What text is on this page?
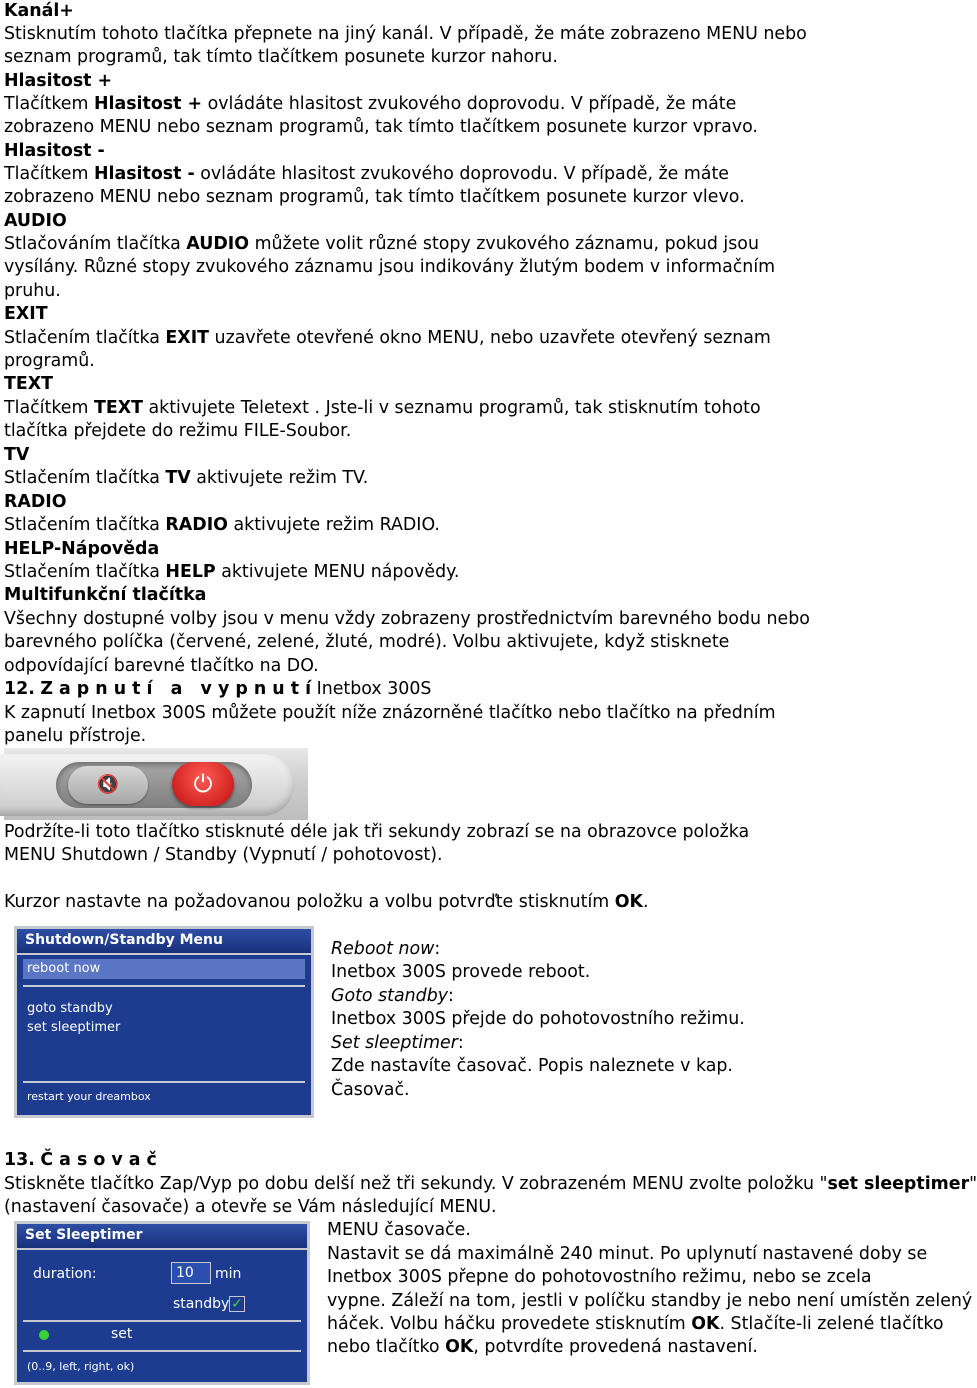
Kanál+
Stisknutím tohoto tlačítka přepnete na jiný kanál. V případě, že máte zobrazeno MENU nebo
seznam programů, tak tímto tlačítkem posunete kurzor nahoru.
Hlasitost +
Tlačítkem Hlasitost + ovládáte hlasitost zvukového doprovodu. V případě, že máte
zobrazeno MENU nebo seznam programů, tak tímto tlačítkem posunete kurzor vpravo.
Hlasitost -
Tlačítkem Hlasitost - ovládáte hlasitost zvukového doprovodu. V případě, že máte
zobrazeno MENU nebo seznam programů, tak tímto tlačítkem posunete kurzor vlevo.
AUDIO
Stlačováním tlačítka AUDIO můžete volit různé stopy zvukového záznamu, pokud jsou
vysílány. Různé stopy zvukového záznamu jsou indikovány žlutým bodem v informačním
pruhu.
EXIT
Stlačením tlačítka EXIT uzavřete otevřené okno MENU, nebo uzavřete otevřený seznam
programů.
TEXT
Tlačítkem TEXT aktivujete Teletext . Jste-li v seznamu programů, tak stisknutím tohoto
tlačítka přejdete do režimu FILE-Soubor.
TV
Stlačením tlačítka TV aktivujete režim TV.
RADIO
Stlačením tlačítka RADIO aktivujete režim RADIO.
HELP-Nápověda
Stlačením tlačítka HELP aktivujete MENU nápovědy.
Multifunkční tlačítka
Všechny dostupné volby jsou v menu vždy zobrazeny prostřednictvím barevného bodu nebo
barevného políčka (červené, zelené, žluté, modré). Volbu aktivujete, když stisknete
odpovídající barevné tlačítko na DO.
12. Z a p n u t í   a   v y p n u t í Inetbox 300S
K zapnutí Inetbox 300S můžete použít níže znázorněné tlačítko nebo tlačítko na předním
panelu přístroje.
Podržíte-li toto tlačítko stisknuté déle jak tři sekundy zobrazí se na obrazovce položka
MENU Shutdown / Standby (Vypnutí / pohotovost).
Kurzor nastavte na požadovanou položku a volbu potvrďte stisknutím OK.
Reboot now:
Inetbox 300S provede reboot.
Goto standby:
Inetbox 300S přejde do pohotovostního režimu.
Set sleeptimer:
Zde nastavíte časovač. Popis naleznete v kap.
Časovač.
13. Č a s o v a č
Stiskněte tlačítko Zap/Vyp po dobu delší než tři sekundy. V zobrazeném MENU zvolte položku "set sleeptimer"
(nastavení časovače) a otevře se Vám následující MENU.
MENU časovače.
Nastavit se dá maximálně 240 minut. Po uplynutí nastavené doby se
Inetbox 300S přepne do pohotovostního režimu, nebo se zcela
vypne. Záleží na tom, jestli v políčku standby je nebo není umístěn zelený
háček. Volbu háčku provedete stisknutím OK. Stlačíte-li zelené tlačítko
nebo tlačítko OK, potvrdíte provedená nastavení.
🔇	⏻
Shutdown/Standby Menu
reboot now
goto standby
set sleeptimer
restart your dreambox
Set Sleeptimer
duration:	10	min
standby ✓
set
(0..9, left, right, ok)
